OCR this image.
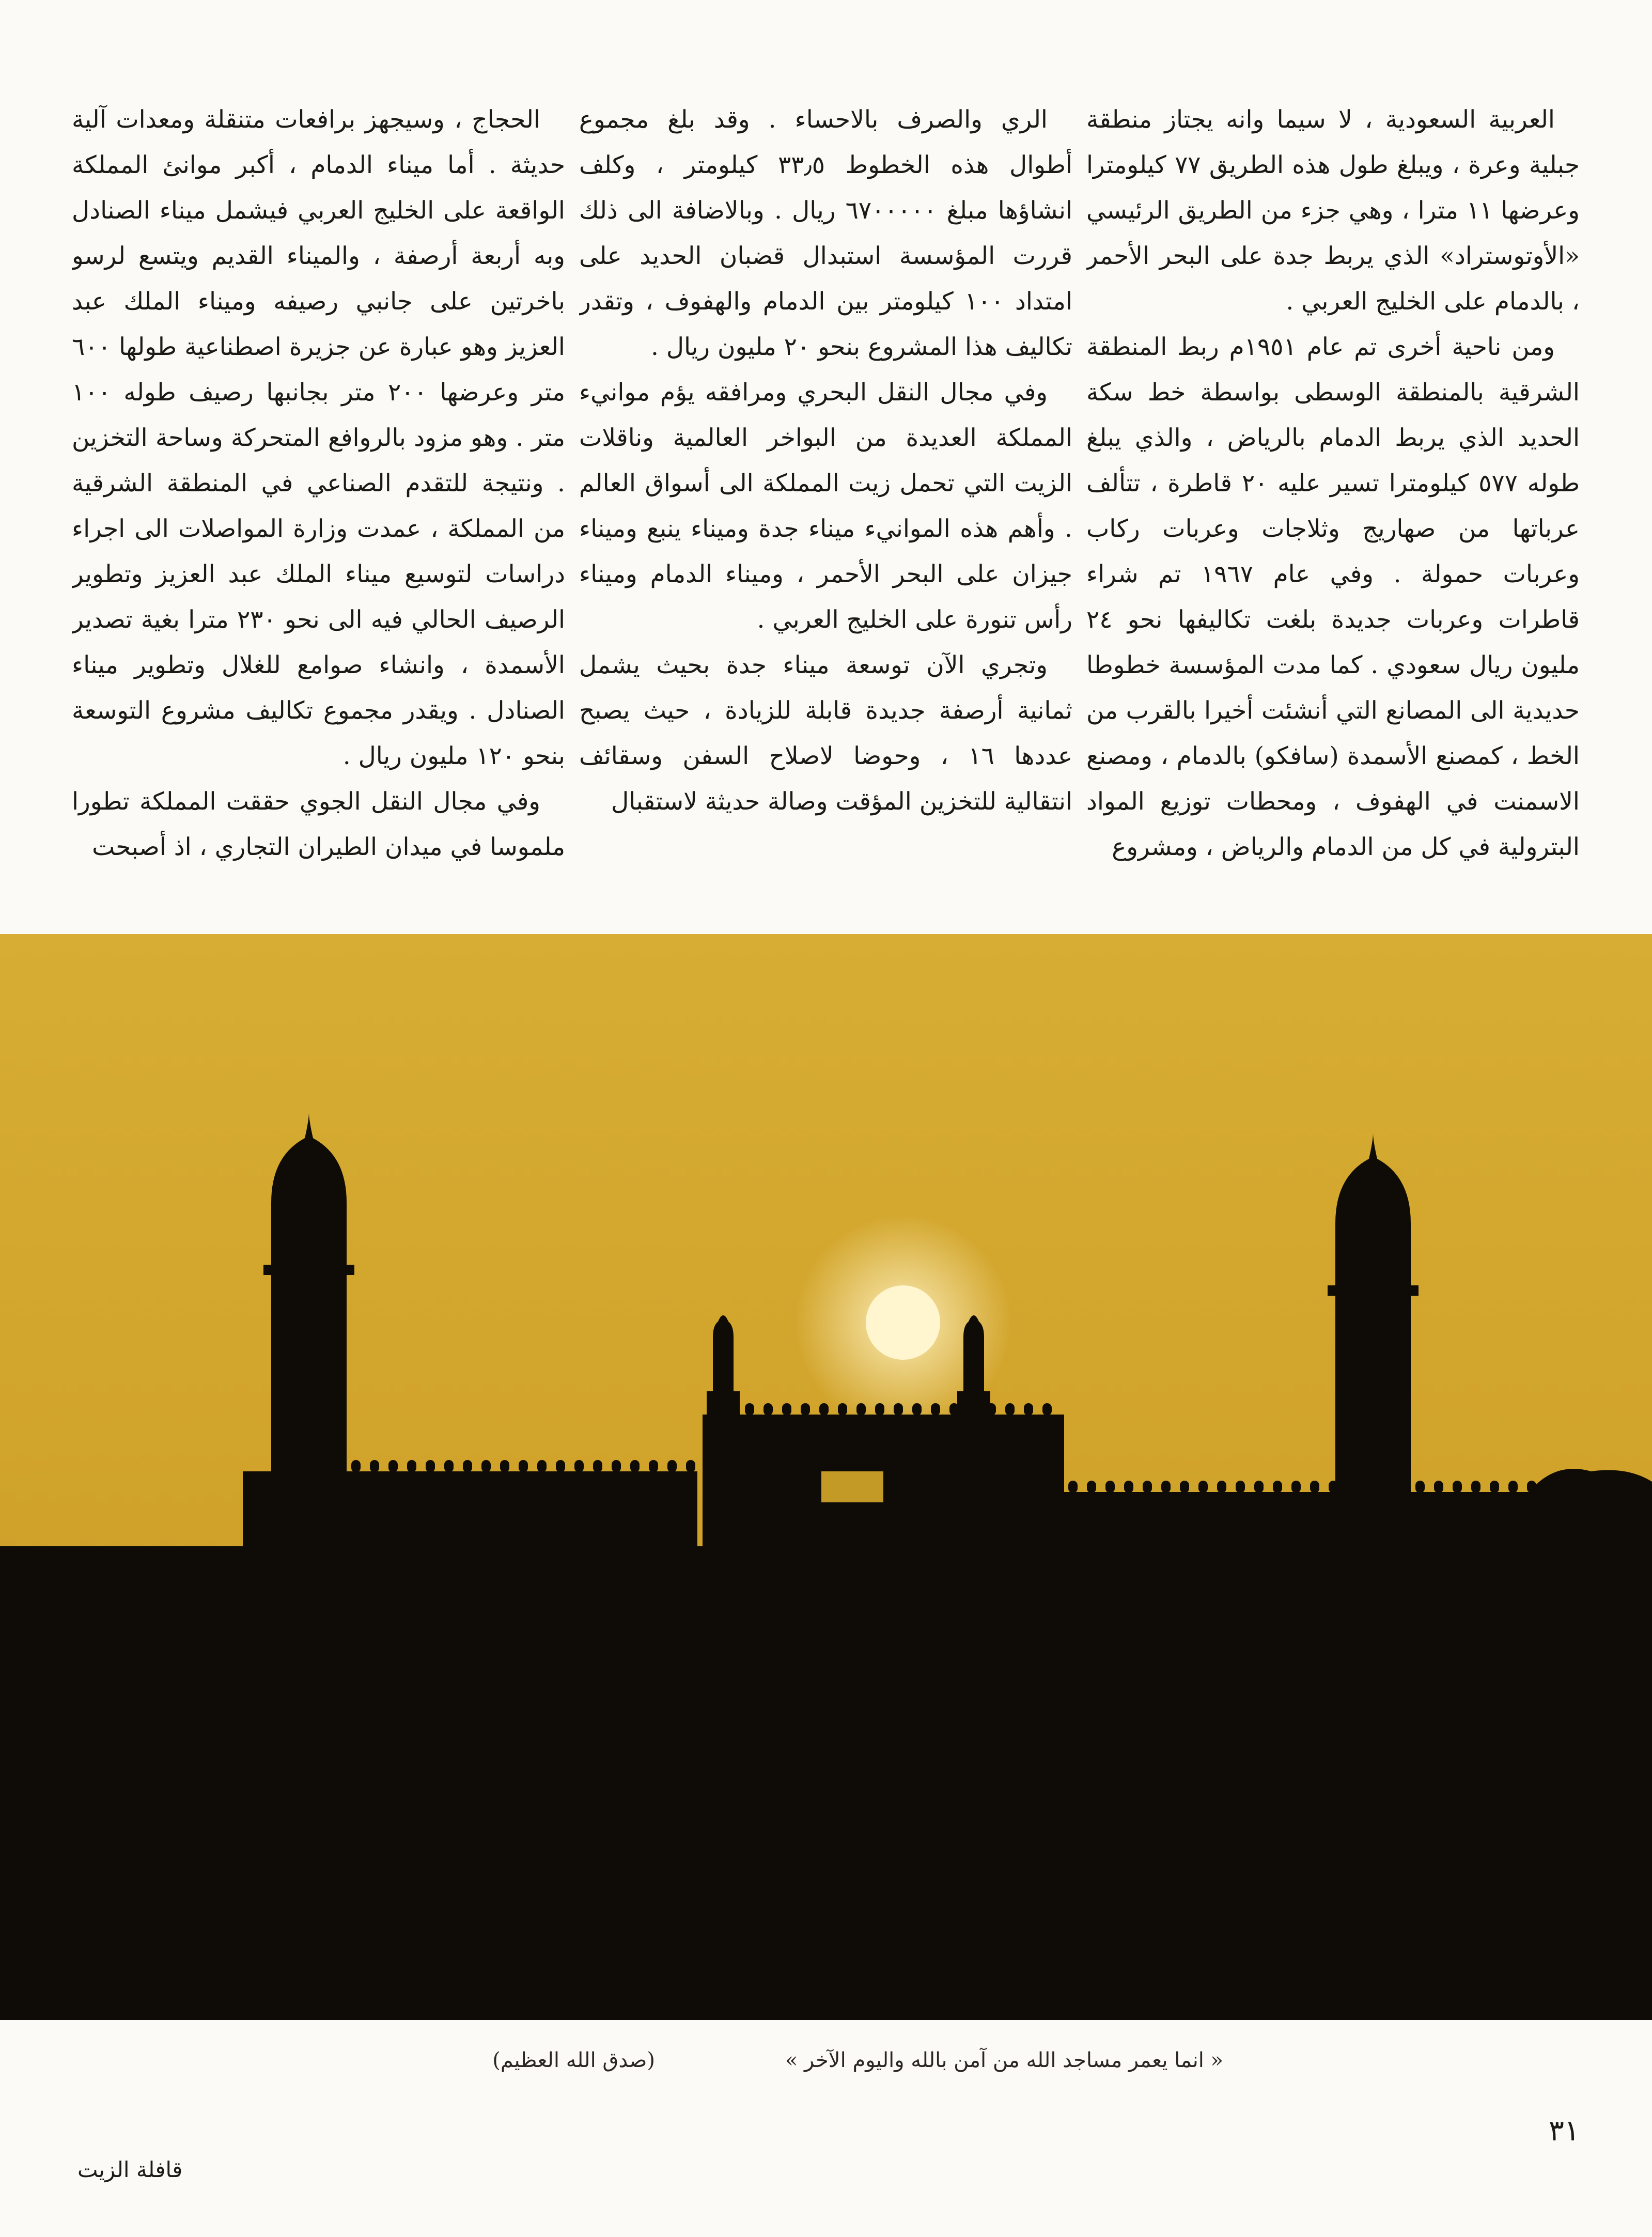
العربية السعودية ، لا سيما وانه يجتاز منطقة جبلية وعرة ، ويبلغ طول هذه الطريق ٧٧ كيلومترا وعرضها ١١ مترا ، وهي جزء من الطريق الرئيسي «الأوتوستراد» الذي يربط جدة على البحر الأحمر ، بالدمام على الخليج العربي .

ومن ناحية أخرى تم عام ١٩٥١م ربط المنطقة الشرقية بالمنطقة الوسطى بواسطة خط سكة الحديد الذي يربط الدمام بالرياض ، والذي يبلغ طوله ٥٧٧ كيلومترا تسير عليه ٢٠ قاطرة ، تتألف عرباتها من صهاريج وثلاجات وعربات ركاب وعربات حمولة . وفي عام ١٩٦٧ تم شراء قاطرات وعربات جديدة بلغت تكاليفها نحو ٢٤ مليون ريال سعودي . كما مدت المؤسسة خطوطا حديدية الى المصانع التي أنشئت أخيرا بالقرب من الخط ، كمصنع الأسمدة (سافكو) بالدمام ، ومصنع الاسمنت في الهفوف ، ومحطات توزيع المواد البترولية في كل من الدمام والرياض ، ومشروع

الري والصرف بالاحساء . وقد بلغ مجموع أطوال هذه الخطوط ٣٣٫٥ كيلومتر ، وكلف انشاؤها مبلغ ٦٧٠٠٠٠٠ ريال . وبالاضافة الى ذلك قررت المؤسسة استبدال قضبان الحديد على امتداد ١٠٠ كيلومتر بين الدمام والهفوف ، وتقدر تكاليف هذا المشروع بنحو ٢٠ مليون ريال .

وفي مجال النقل البحري ومرافقه يؤم موانيء المملكة العديدة من البواخر العالمية وناقلات الزيت التي تحمل زيت المملكة الى أسواق العالم . وأهم هذه الموانيء ميناء جدة وميناء ينبع وميناء جيزان على البحر الأحمر ، وميناء الدمام وميناء رأس تنورة على الخليج العربي .

وتجري الآن توسعة ميناء جدة بحيث يشمل ثمانية أرصفة جديدة قابلة للزيادة ، حيث يصبح عددها ١٦ ، وحوضا لاصلاح السفن وسقائف انتقالية للتخزين المؤقت وصالة حديثة لاستقبال

الحجاج ، وسيجهز برافعات متنقلة ومعدات آلية حديثة . أما ميناء الدمام ، أكبر موانئ المملكة الواقعة على الخليج العربي فيشمل ميناء الصنادل وبه أربعة أرصفة ، والميناء القديم ويتسع لرسو باخرتين على جانبي رصيفه وميناء الملك عبد العزيز وهو عبارة عن جزيرة اصطناعية طولها ٦٠٠ متر وعرضها ٢٠٠ متر بجانبها رصيف طوله ١٠٠ متر . وهو مزود بالروافع المتحركة وساحة التخزين . ونتيجة للتقدم الصناعي في المنطقة الشرقية من المملكة ، عمدت وزارة المواصلات الى اجراء دراسات لتوسيع ميناء الملك عبد العزيز وتطوير الرصيف الحالي فيه الى نحو ٢٣٠ مترا بغية تصدير الأسمدة ، وانشاء صوامع للغلال وتطوير ميناء الصنادل . ويقدر مجموع تكاليف مشروع التوسعة بنحو ١٢٠ مليون ريال .

وفي مجال النقل الجوي حققت المملكة تطورا ملموسا في ميدان الطيران التجاري ، اذ أصبحت

« انما يعمر مساجد الله من آمن بالله واليوم الآخر »
(صدق الله العظيم)
٣١
قافلة الزيت
